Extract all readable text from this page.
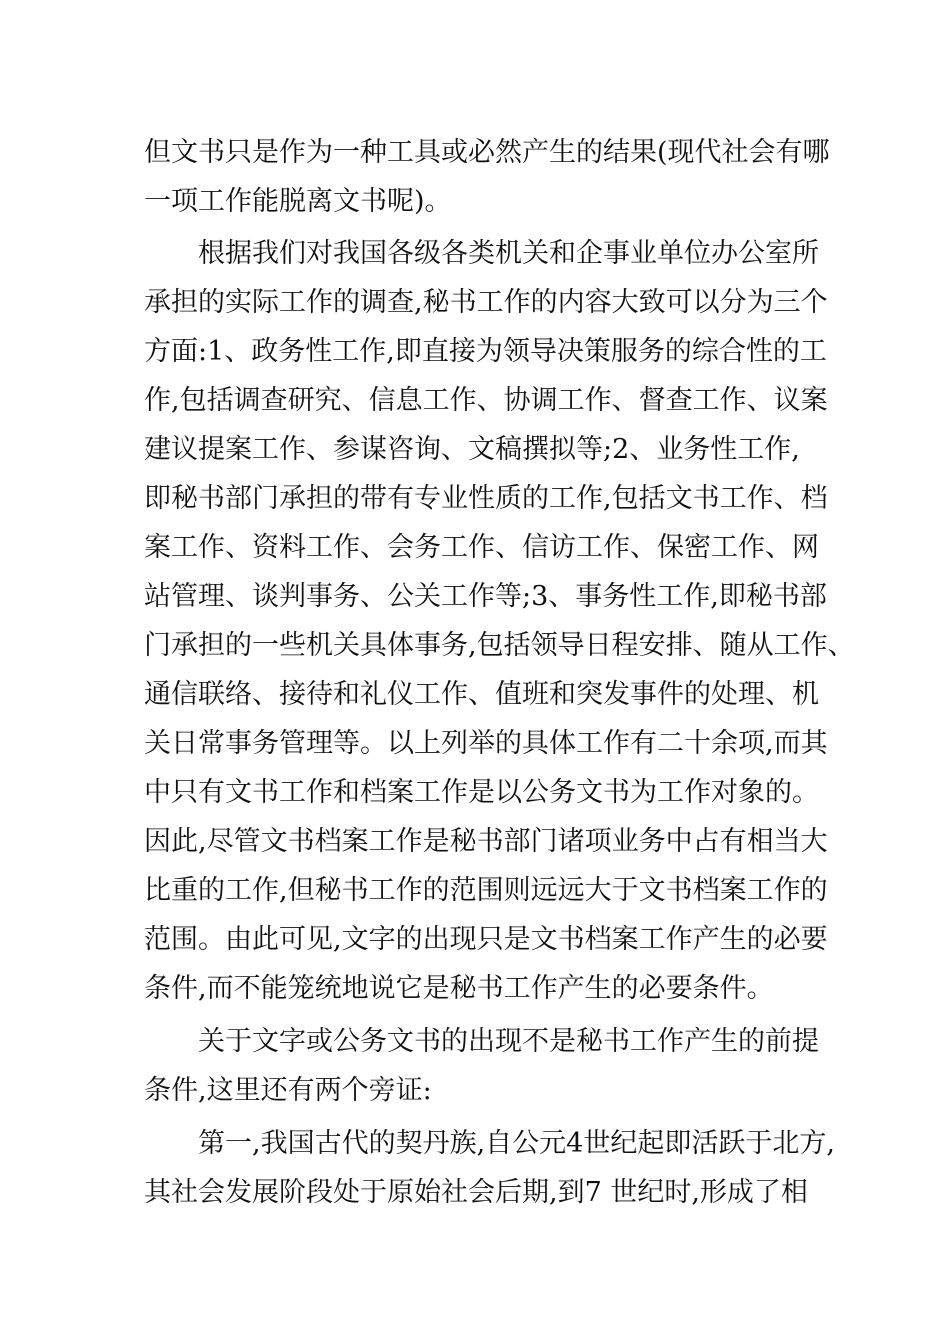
但文书只是作为一种工具或必然产生的结果(现代社会有哪
一项工作能脱离文书呢)。
根据我们对我国各级各类机关和企事业单位办公室所
承担的实际工作的调查,秘书工作的内容大致可以分为三个
方面:1、政务性工作,即直接为领导决策服务的综合性的工
作,包括调查研究、信息工作、协调工作、督查工作、议案
建议提案工作、参谋咨询、文稿撰拟等;2、业务性工作,
即秘书部门承担的带有专业性质的工作,包括文书工作、档
案工作、资料工作、会务工作、信访工作、保密工作、网
站管理、谈判事务、公关工作等;3、事务性工作,即秘书部
门承担的一些机关具体事务,包括领导日程安排、随从工作、
通信联络、接待和礼仪工作、值班和突发事件的处理、机
关日常事务管理等。以上列举的具体工作有二十余项,而其
中只有文书工作和档案工作是以公务文书为工作对象的。
因此,尽管文书档案工作是秘书部门诸项业务中占有相当大
比重的工作,但秘书工作的范围则远远大于文书档案工作的
范围。由此可见,文字的出现只是文书档案工作产生的必要
条件,而不能笼统地说它是秘书工作产生的必要条件。
关于文字或公务文书的出现不是秘书工作产生的前提
条件,这里还有两个旁证:
第一,我国古代的契丹族,自公元4世纪起即活跃于北方,
其社会发展阶段处于原始社会后期,到7 世纪时,形成了相
